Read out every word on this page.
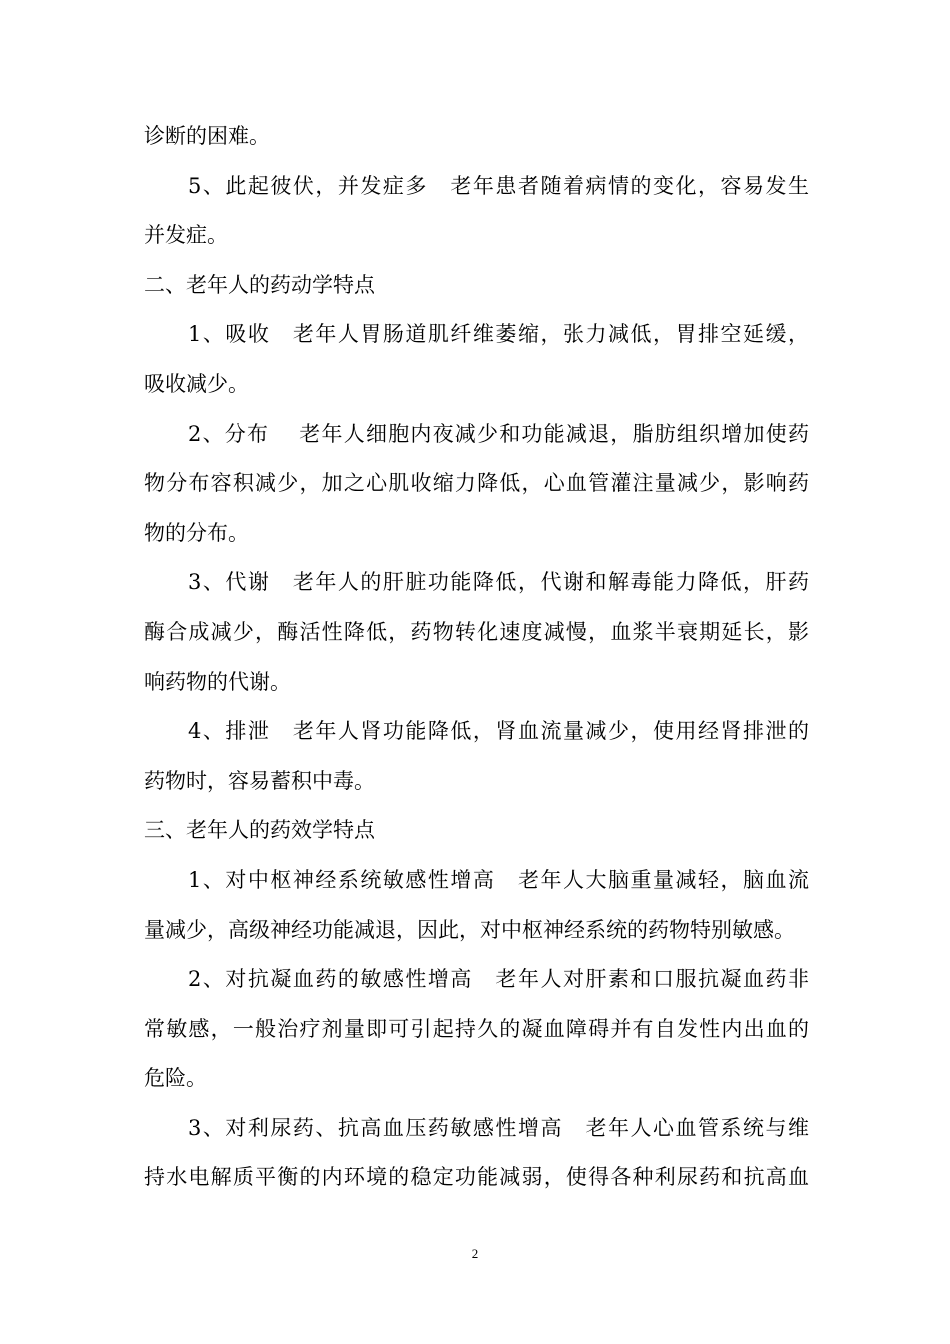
诊断的困难。
5、此起彼伏，并发症多　老年患者随着病情的变化，容易发生
并发症。
二、老年人的药动学特点
1、吸收　老年人胃肠道肌纤维萎缩，张力减低，胃排空延缓，
吸收减少。
2、分布　 老年人细胞内夜减少和功能减退，脂肪组织增加使药
物分布容积减少，加之心肌收缩力降低，心血管灌注量减少，影响药
物的分布。
3、代谢　老年人的肝脏功能降低，代谢和解毒能力降低，肝药
酶合成减少，酶活性降低，药物转化速度减慢，血浆半衰期延长，影
响药物的代谢。
4、排泄　老年人肾功能降低，肾血流量减少，使用经肾排泄的
药物时，容易蓄积中毒。
三、老年人的药效学特点
1、对中枢神经系统敏感性增高　老年人大脑重量减轻，脑血流
量减少，高级神经功能减退，因此，对中枢神经系统的药物特别敏感。
2、对抗凝血药的敏感性增高　老年人对肝素和口服抗凝血药非
常敏感，一般治疗剂量即可引起持久的凝血障碍并有自发性内出血的
危险。
3、对利尿药、抗高血压药敏感性增高　老年人心血管系统与维
持水电解质平衡的内环境的稳定功能减弱，使得各种利尿药和抗高血
2
